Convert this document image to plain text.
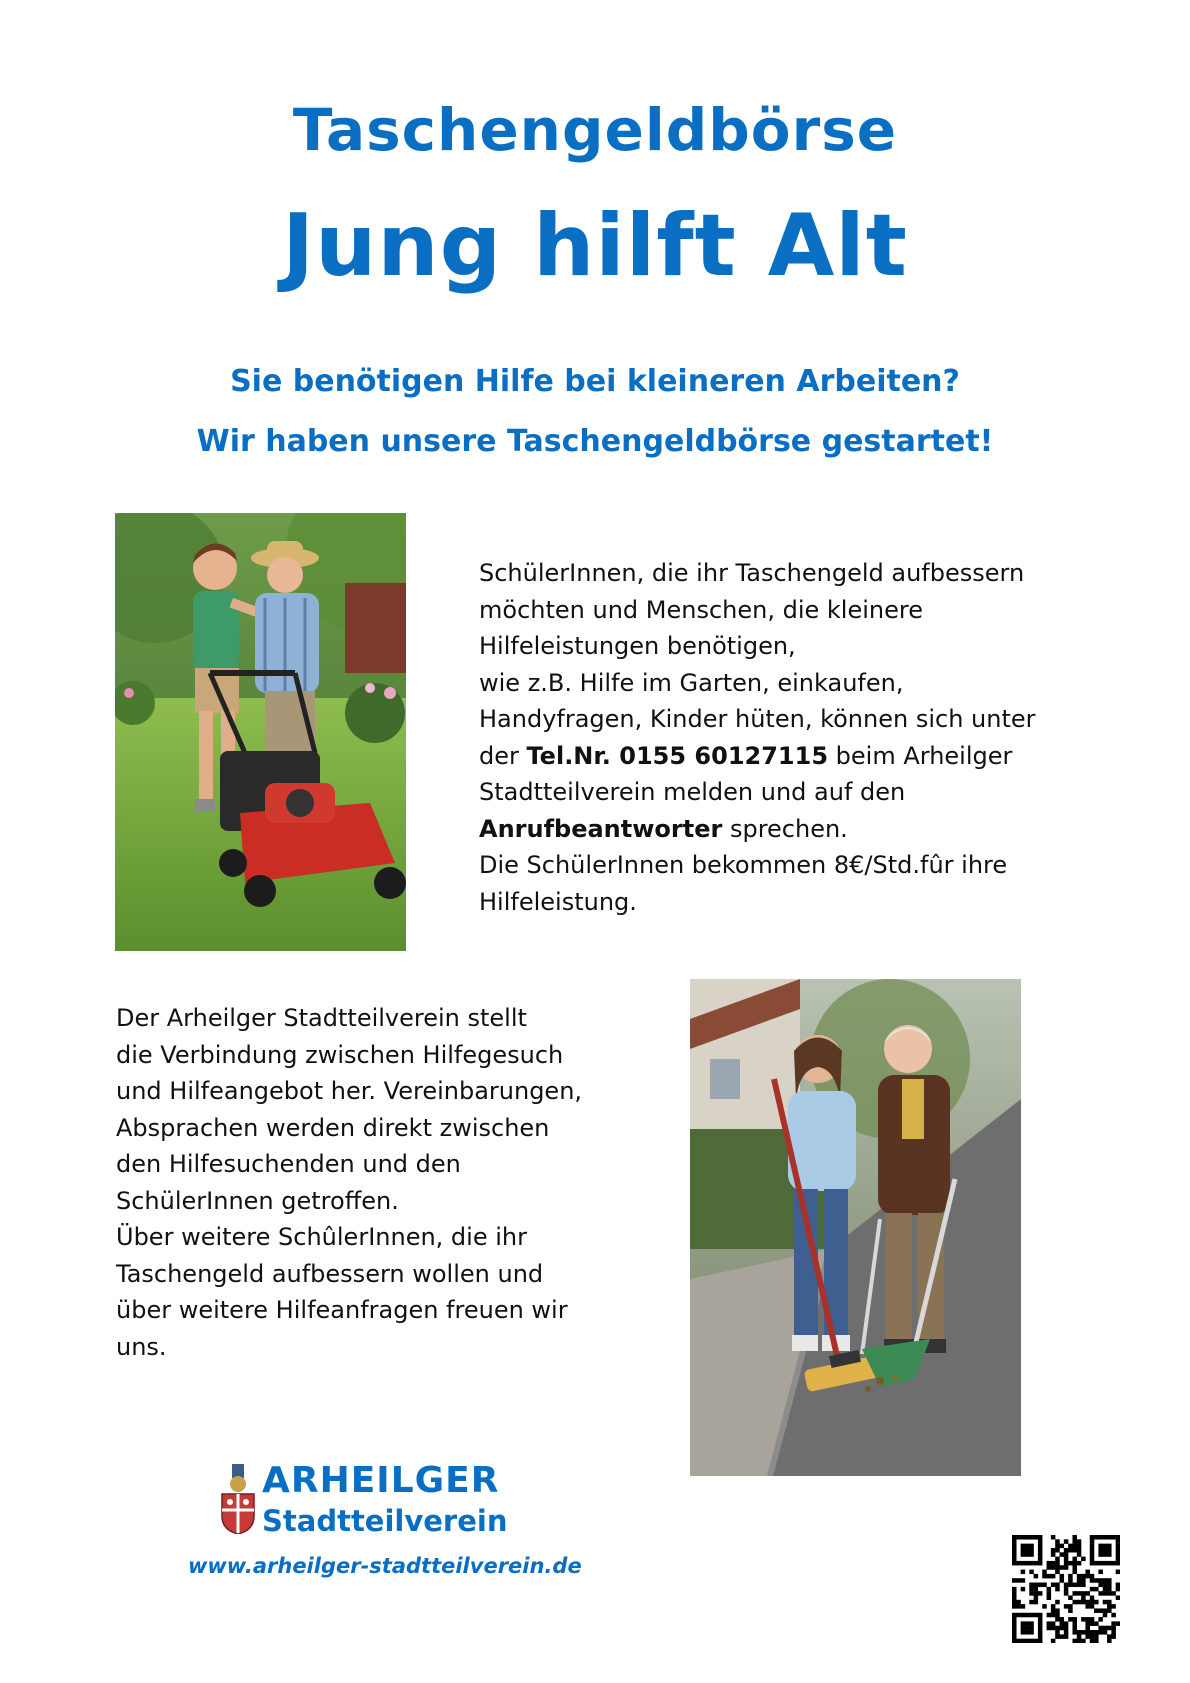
Taschengeldbörse
Jung hilft Alt
Sie benötigen Hilfe bei kleineren Arbeiten?
Wir haben unsere Taschengeldbörse gestartet!

SchülerInnen, die ihr Taschengeld aufbessern
möchten und Menschen, die kleinere
Hilfeleistungen benötigen,
wie z.B. Hilfe im Garten, einkaufen,
Handyfragen, Kinder hüten, können sich unter
der Tel.Nr. 0155 60127115 beim Arheilger
Stadtteilverein melden und auf den
Anrufbeantworter sprechen.
Die SchülerInnen bekommen 8€/Std.fûr ihre
Hilfeleistung.

Der Arheilger Stadtteilverein stellt
die Verbindung zwischen Hilfegesuch
und Hilfeangebot her. Vereinbarungen,
Absprachen werden direkt zwischen
den Hilfesuchenden und den
SchülerInnen getroffen.
Über weitere SchûlerInnen, die ihr
Taschengeld aufbessern wollen und
über weitere Hilfeanfragen freuen wir
uns.

ARHEILGER
Stadtteilverein
www.arheilger-stadtteilverein.de
